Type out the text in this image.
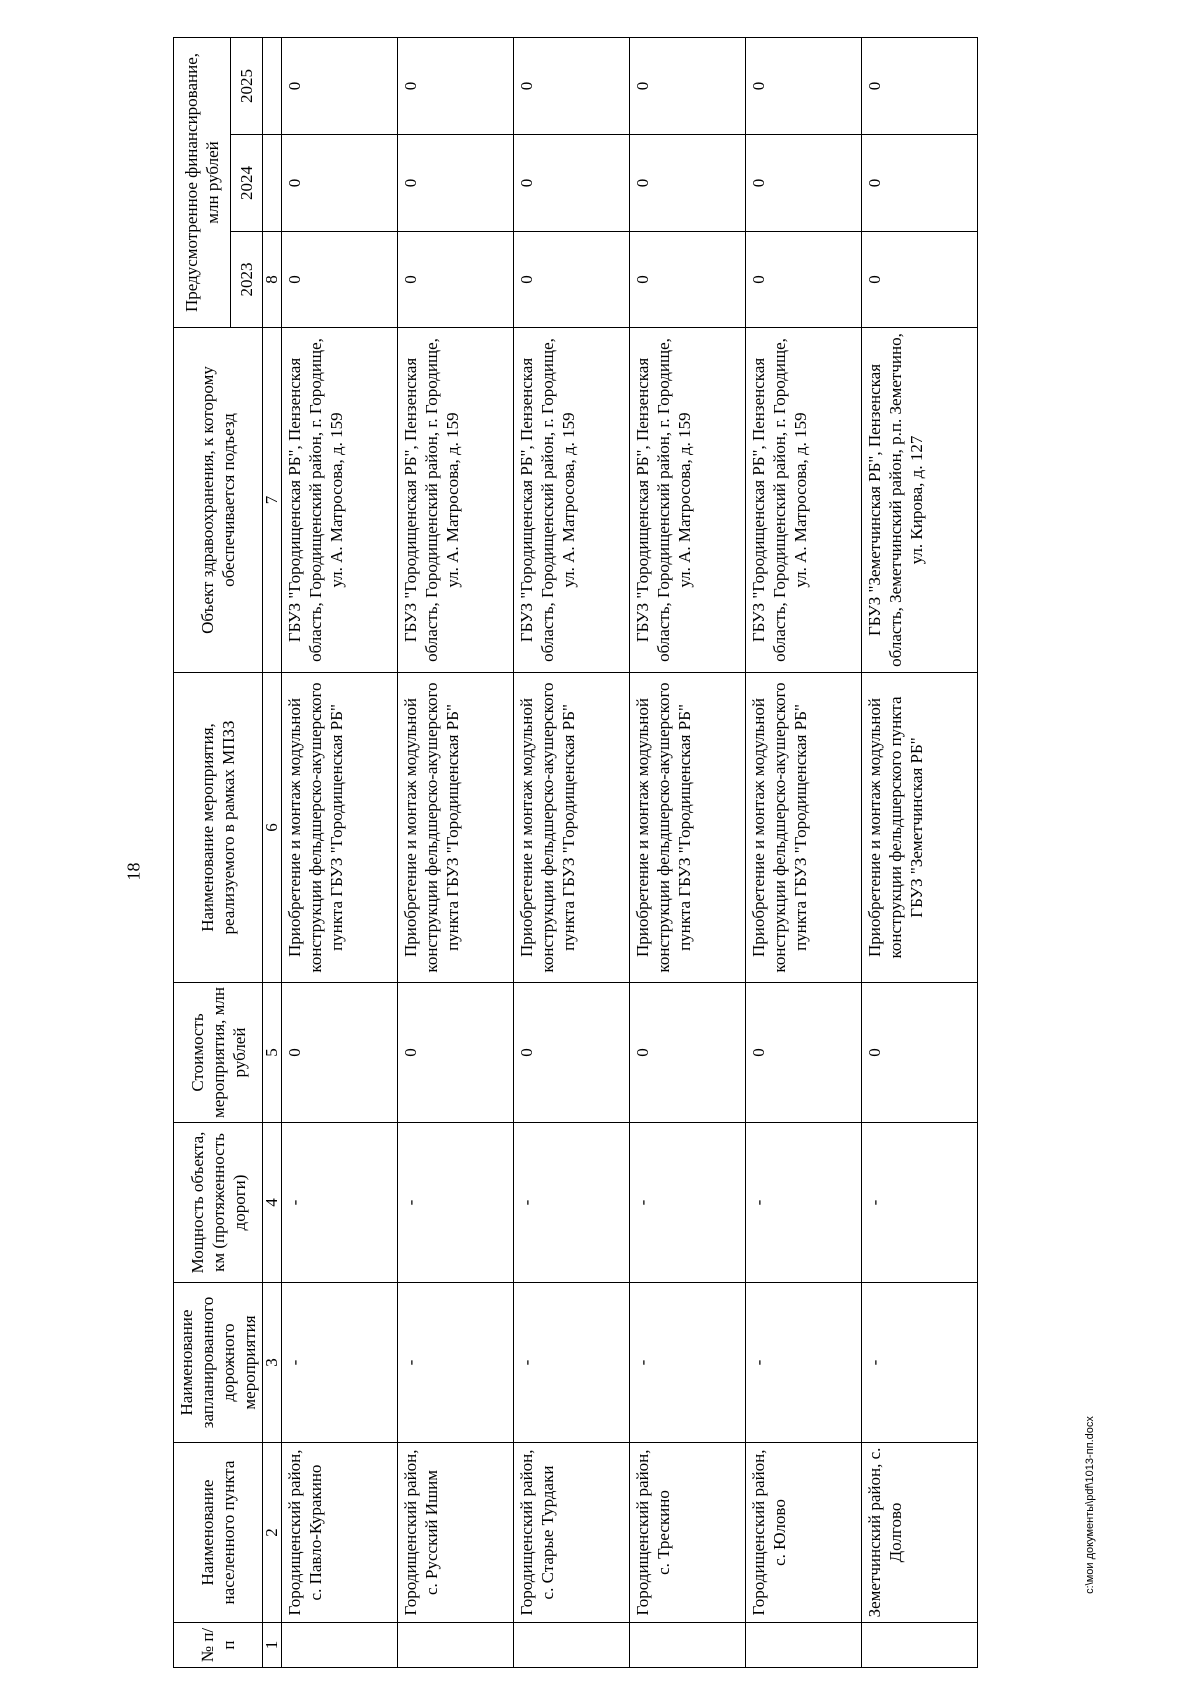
18
№ п/п	Наименование населенного пункта	Наименование запланированного дорожного мероприятия	Мощность объекта, км (протяженность дороги)	Стоимость мероприятия, млн рублей	Наименование мероприятия, реализуемого в рамках МПЗЗ	Объект здравоохранения, к которому обеспечивается подъезд	Предусмотренное финансирование, млн рублей		
							2023	2024	2025
1	2	3	4	5	6	7	8		
	Городищенский район, с. Павло-Куракино	-	-	0	Приобретение и монтаж модульной конструкции фельдшерско-акушерского пункта ГБУЗ "Городищенская РБ"	ГБУЗ "Городищенская РБ", Пензенская область, Городищенский район, г. Городище, ул. А. Матросова, д. 159	0	0	0
	Городищенский район, с. Русский Ишим	-	-	0	Приобретение и монтаж модульной конструкции фельдшерско-акушерского пункта ГБУЗ "Городищенская РБ"	ГБУЗ "Городищенская РБ", Пензенская область, Городищенский район, г. Городище, ул. А. Матросова, д. 159	0	0	0
	Городищенский район, с. Старые Турдаки	-	-	0	Приобретение и монтаж модульной конструкции фельдшерско-акушерского пункта ГБУЗ "Городищенская РБ"	ГБУЗ "Городищенская РБ", Пензенская область, Городищенский район, г. Городище, ул. А. Матросова, д. 159	0	0	0
	Городищенский район, с. Трескино	-	-	0	Приобретение и монтаж модульной конструкции фельдшерско-акушерского пункта ГБУЗ "Городищенская РБ"	ГБУЗ "Городищенская РБ", Пензенская область, Городищенский район, г. Городище, ул. А. Матросова, д. 159	0	0	0
	Городищенский район, с. Юлово	-	-	0	Приобретение и монтаж модульной конструкции фельдшерско-акушерского пункта ГБУЗ "Городищенская РБ"	ГБУЗ "Городищенская РБ", Пензенская область, Городищенский район, г. Городище, ул. А. Матросова, д. 159	0	0	0
	Земетчинский район, с. Долгово	-	-	0	Приобретение и монтаж модульной конструкции фельдшерского пункта ГБУЗ "Земетчинская РБ"	ГБУЗ "Земетчинская РБ", Пензенская область, Земетчинский район, р.п. Земетчино, ул. Кирова, д. 127	0	0	0
c:\мои документы\pdf\1013-пп.docx
